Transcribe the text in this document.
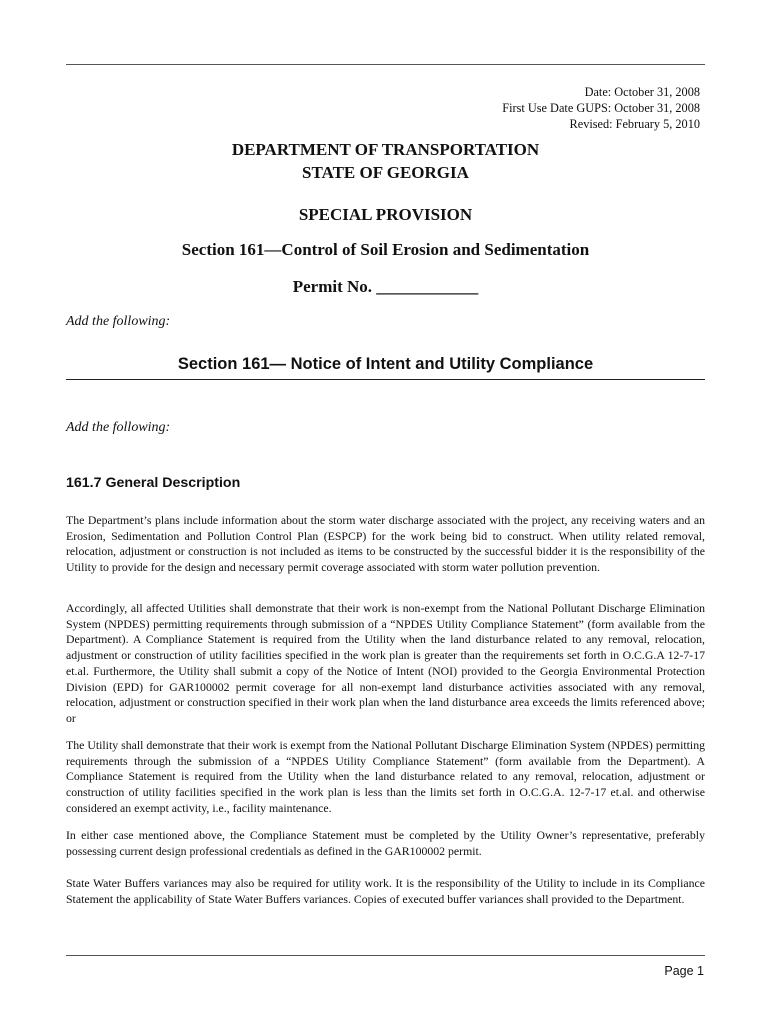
Date: October 31, 2008
First Use Date GUPS: October 31, 2008
Revised: February 5, 2010
DEPARTMENT OF TRANSPORTATION
STATE OF GEORGIA
SPECIAL PROVISION
Section 161—Control of Soil Erosion and Sedimentation
Permit No. ____________
Add the following:
Section 161— Notice of Intent and Utility Compliance
Add the following:
161.7 General Description

The Department’s plans include information about the storm water discharge associated with the project, any receiving waters and an Erosion, Sedimentation and Pollution Control Plan (ESPCP) for the work being bid to construct. When utility related removal, relocation, adjustment or construction is not included as items to be constructed by the successful bidder it is the responsibility of the Utility to provide for the design and necessary permit coverage associated with storm water pollution prevention.

Accordingly, all affected Utilities shall demonstrate that their work is non-exempt from the National Pollutant Discharge Elimination System (NPDES) permitting requirements through submission of a “NPDES Utility Compliance Statement” (form available from the Department). A Compliance Statement is required from the Utility when the land disturbance related to any removal, relocation, adjustment or construction of utility facilities specified in the work plan is greater than the requirements set forth in O.C.G.A 12-7-17 et.al. Furthermore, the Utility shall submit a copy of the Notice of Intent (NOI) provided to the Georgia Environmental Protection Division (EPD) for GAR100002 permit coverage for all non-exempt land disturbance activities associated with any removal, relocation, adjustment or construction specified in their work plan when the land disturbance area exceeds the limits referenced above; or

The Utility shall demonstrate that their work is exempt from the National Pollutant Discharge Elimination System (NPDES) permitting requirements through the submission of a “NPDES Utility Compliance Statement” (form available from the Department). A Compliance Statement is required from the Utility when the land disturbance related to any removal, relocation, adjustment or construction of utility facilities specified in the work plan is less than the limits set forth in O.C.G.A. 12-7-17 et.al. and otherwise considered an exempt activity, i.e., facility maintenance.

In either case mentioned above, the Compliance Statement must be completed by the Utility Owner’s representative, preferably possessing current design professional credentials as defined in the GAR100002 permit.

State Water Buffers variances may also be required for utility work. It is the responsibility of the Utility to include in its Compliance Statement the applicability of State Water Buffers variances. Copies of executed buffer variances shall provided to the Department.

Page 1
